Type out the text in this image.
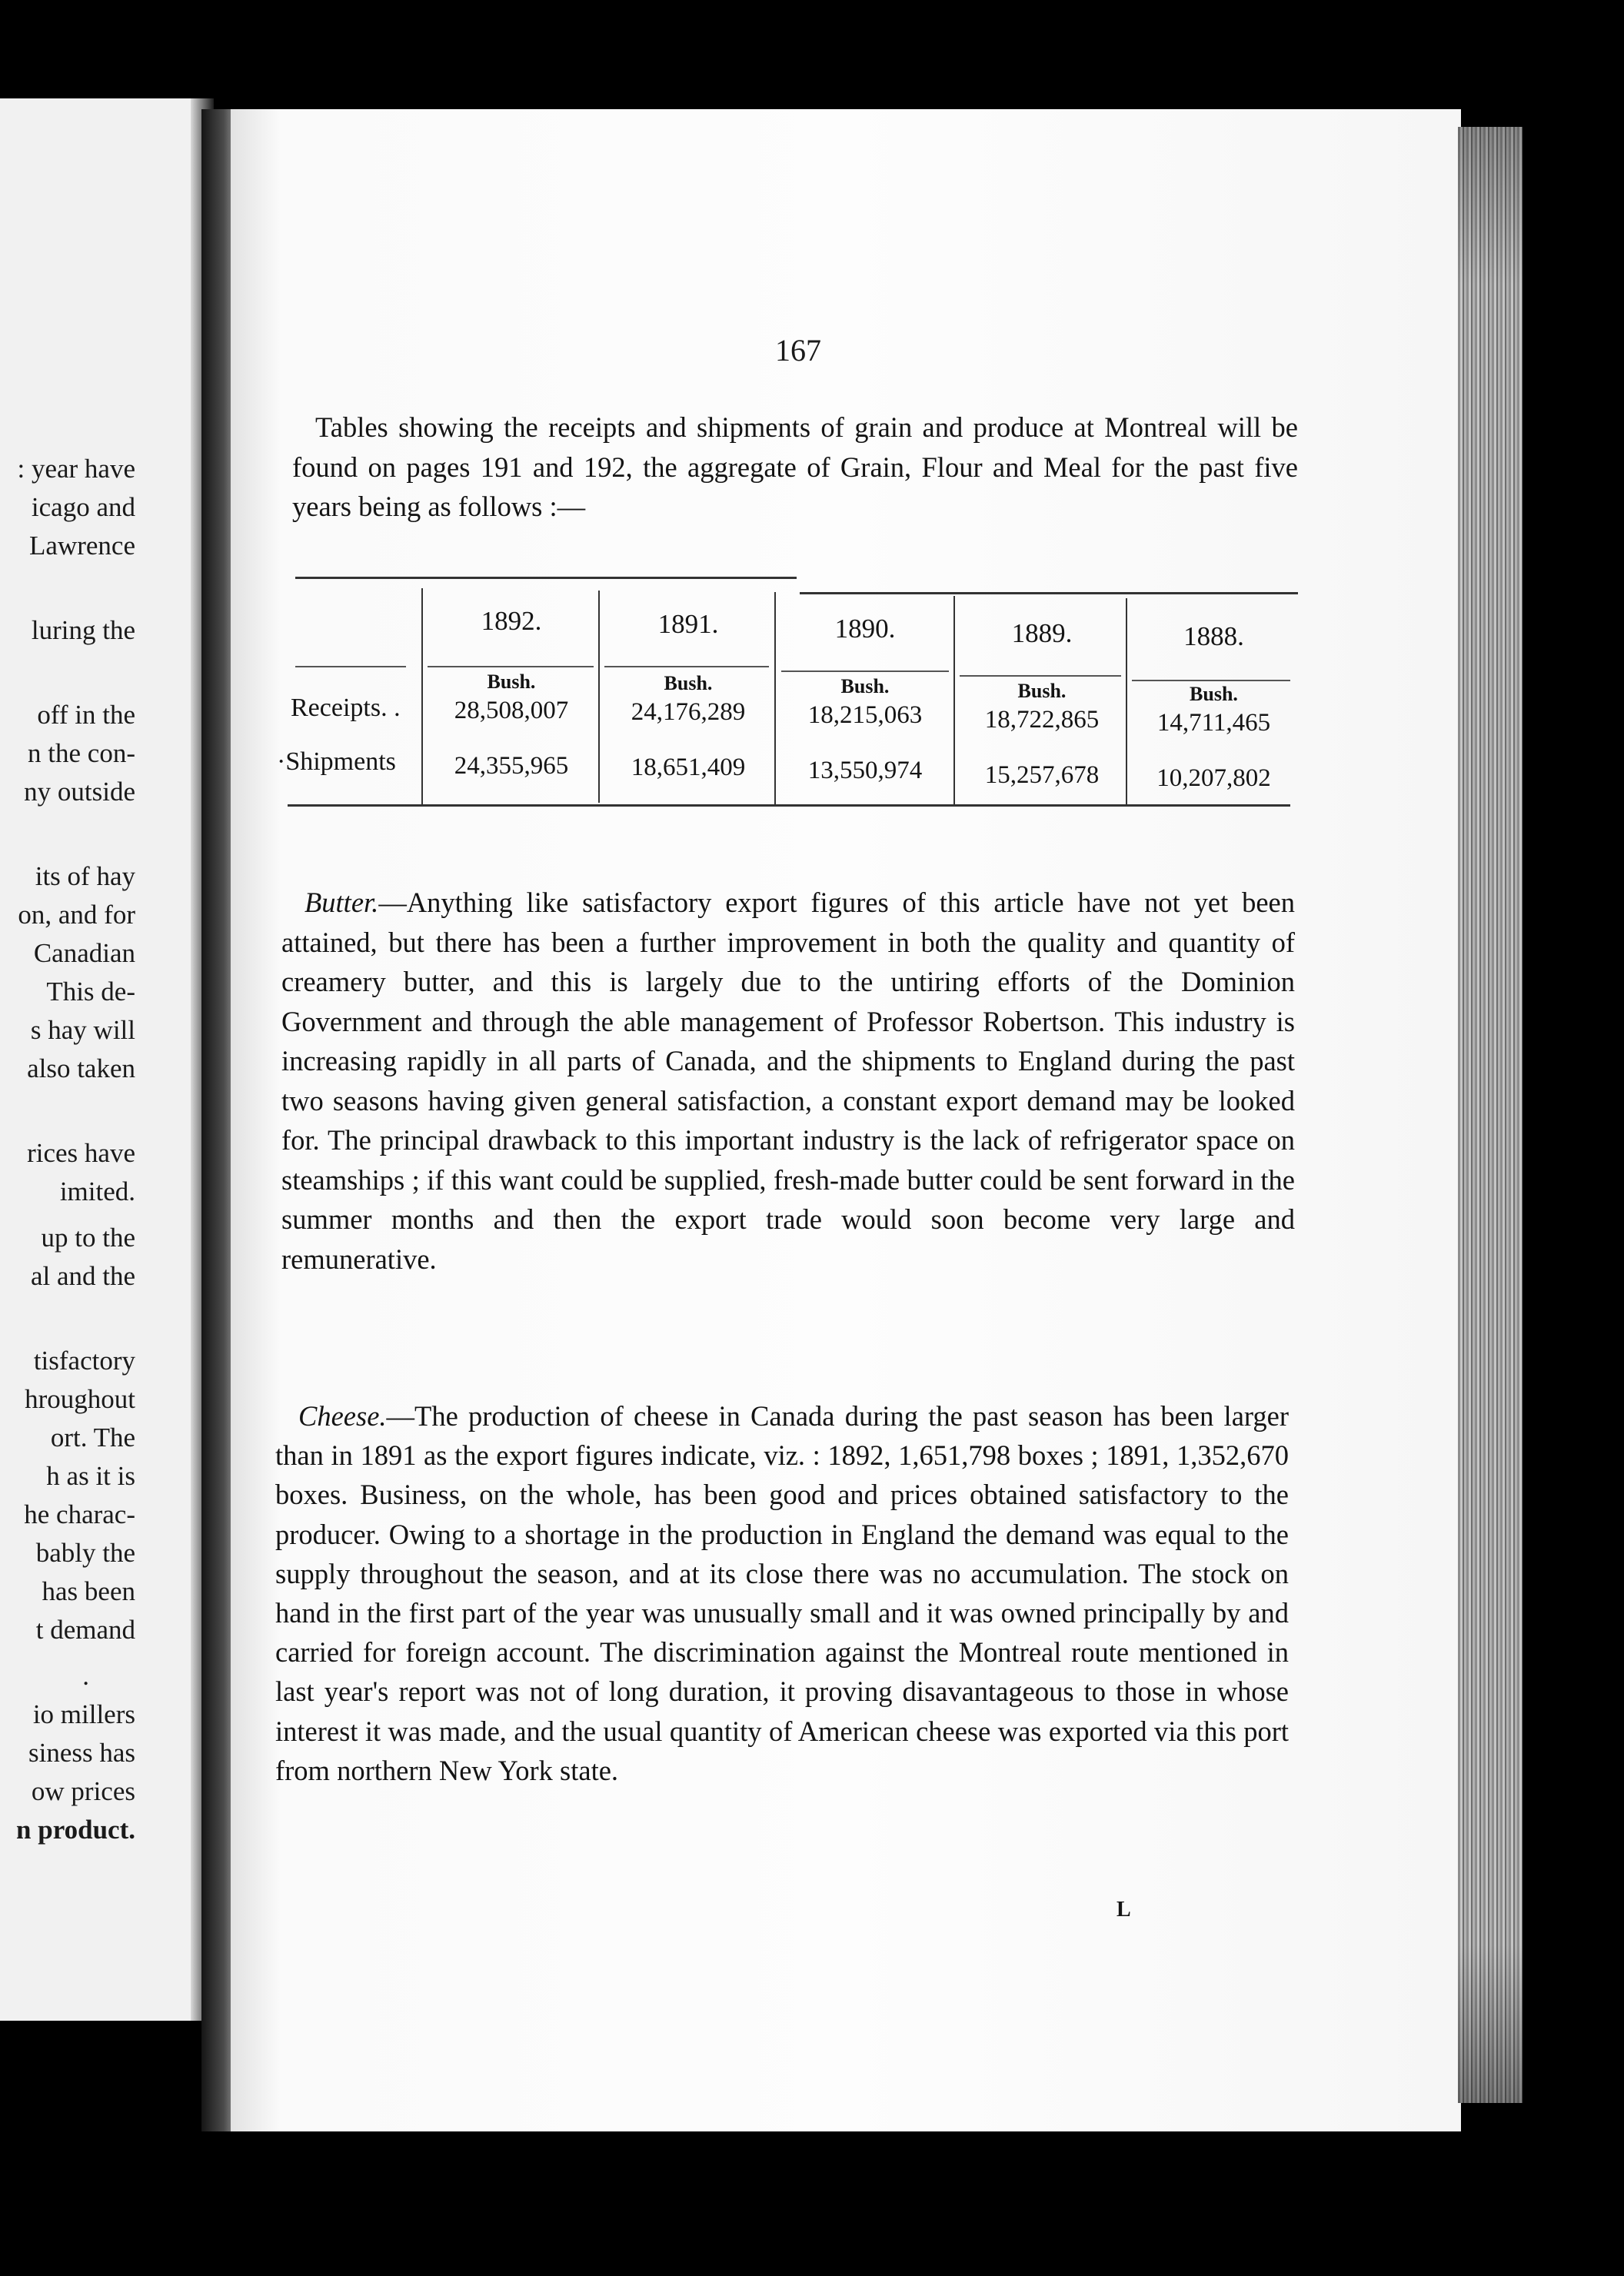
: year have
icago and
Lawrence
luring the
off in the
n the con-
ny outside
its of hay
on, and for
Canadian
This de-
s hay will
also taken
rices have
imited.
up to the
al and the
tisfactory
hroughout
ort. The
h as it is
he charac-
bably the
has been
t demand
.
io millers
siness has
ow prices
n product.
167

Tables showing the receipts and shipments of grain and produce at Montreal will be found on pages 191 and 192, the aggregate of Grain, Flour and Meal for the past five years being as follows :—

1892.	1891.	1890.	1889.	1888.
Bush.	Bush.	Bush.	Bush.	Bush.
Receipts. .	28,508,007	24,176,289	18,215,063	18,722,865	14,711,465
·Shipments	24,355,965	18,651,409	13,550,974	15,257,678	10,207,802

Butter.—Anything like satisfactory export figures of this article have not yet been attained, but there has been a further improvement in both the quality and quantity of creamery butter, and this is largely due to the untiring efforts of the Dominion Government and through the able management of Professor Robertson. This industry is increasing rapidly in all parts of Canada, and the shipments to England during the past two seasons having given general satisfaction, a constant export demand may be looked for. The principal drawback to this important industry is the lack of refrigerator space on steamships ; if this want could be supplied, fresh-made butter could be sent forward in the summer months and then the export trade would soon become very large and remunerative.

Cheese.—The production of cheese in Canada during the past season has been larger than in 1891 as the export figures indicate, viz. : 1892, 1,651,798 boxes ; 1891, 1,352,670 boxes. Business, on the whole, has been good and prices obtained satisfactory to the producer. Owing to a shortage in the production in England the demand was equal to the supply throughout the season, and at its close there was no accumulation. The stock on hand in the first part of the year was unusually small and it was owned principally by and carried for foreign account. The discrimination against the Montreal route mentioned in last year's report was not of long duration, it proving disavantageous to those in whose interest it was made, and the usual quantity of American cheese was exported via this port from northern New York state.

L
